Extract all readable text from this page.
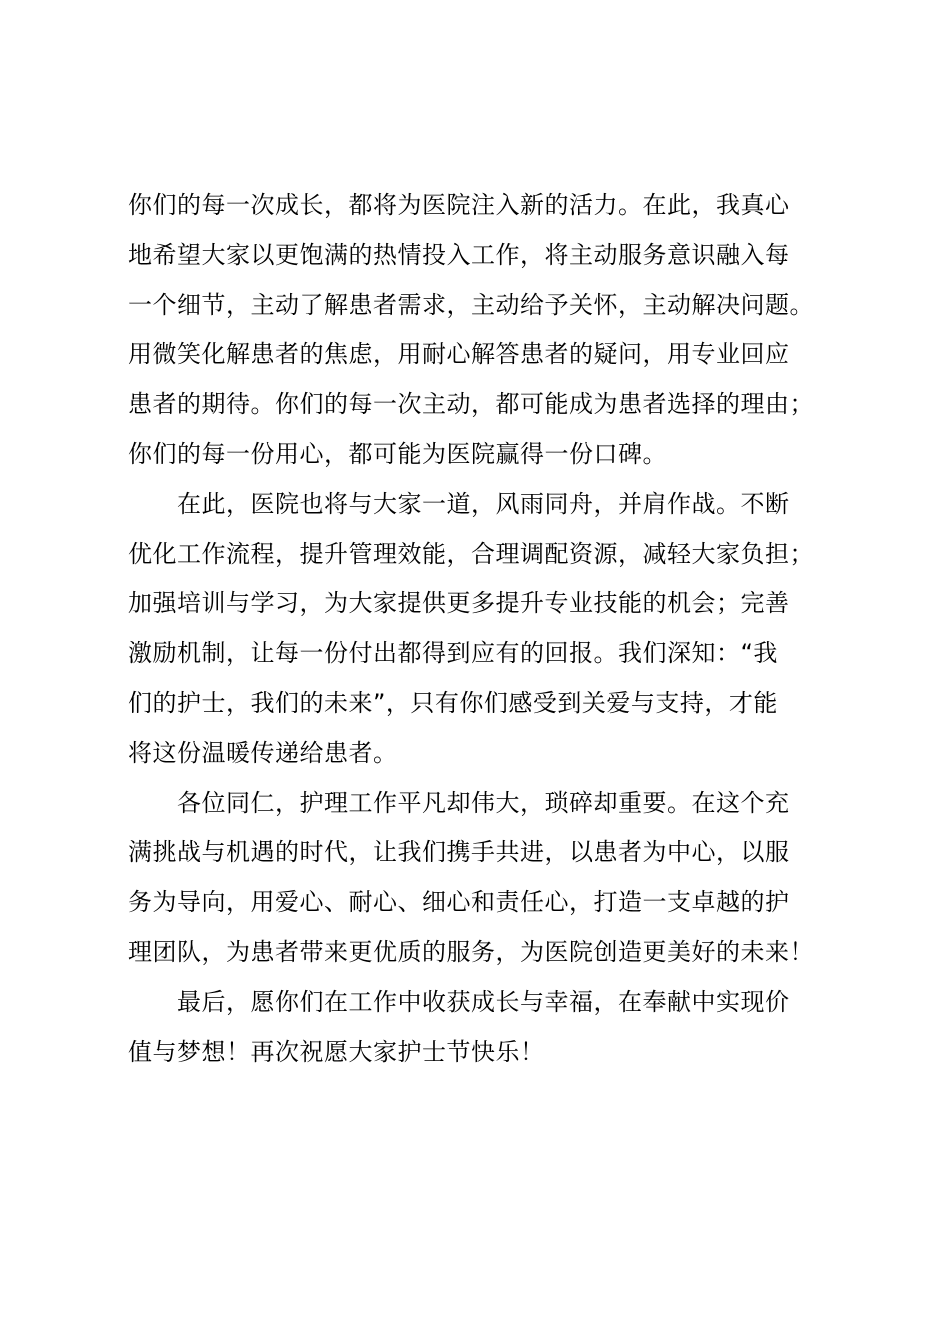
你们的每一次成长，都将为医院注入新的活力。在此，我真心
地希望大家以更饱满的热情投入工作，将主动服务意识融入每
一个细节，主动了解患者需求，主动给予关怀，主动解决问题。
用微笑化解患者的焦虑，用耐心解答患者的疑问，用专业回应
患者的期待。你们的每一次主动，都可能成为患者选择的理由；
你们的每一份用心，都可能为医院赢得一份口碑。
在此，医院也将与大家一道，风雨同舟，并肩作战。不断
优化工作流程，提升管理效能，合理调配资源，减轻大家负担；
加强培训与学习，为大家提供更多提升专业技能的机会；完善
激励机制，让每一份付出都得到应有的回报。我们深知：“我
们的护士，我们的未来”，只有你们感受到关爱与支持，才能
将这份温暖传递给患者。
各位同仁，护理工作平凡却伟大，琐碎却重要。在这个充
满挑战与机遇的时代，让我们携手共进，以患者为中心，以服
务为导向，用爱心、耐心、细心和责任心，打造一支卓越的护
理团队，为患者带来更优质的服务，为医院创造更美好的未来！
最后，愿你们在工作中收获成长与幸福，在奉献中实现价
值与梦想！再次祝愿大家护士节快乐！
